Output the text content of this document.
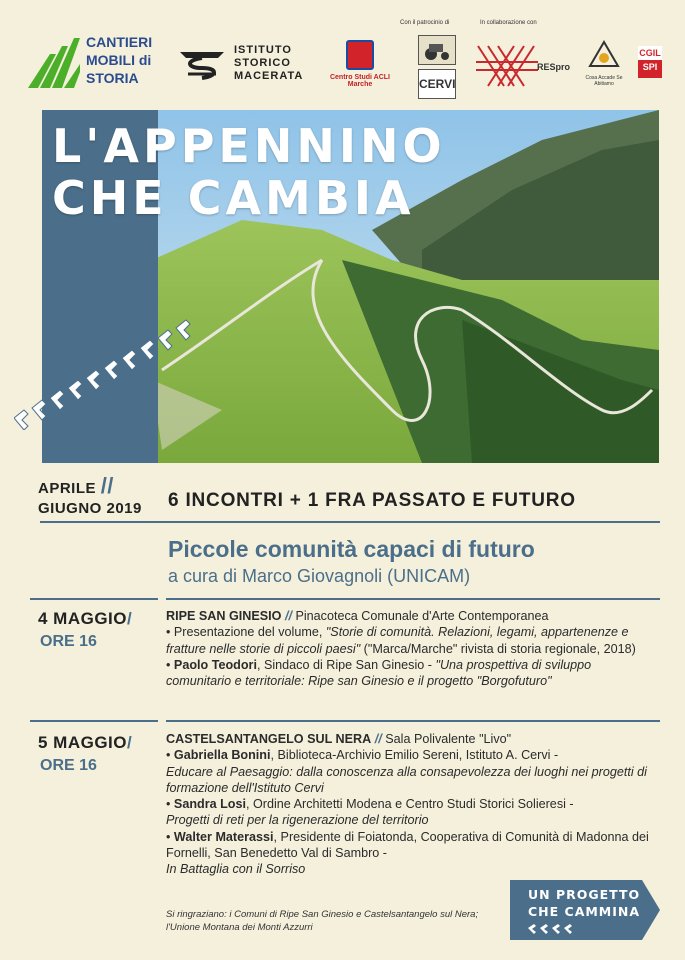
CANTIERI
MOBILI di
STORIA
ISTITUTO
STORICO
MACERATA	Centro Studi ACLI Marche
Con il patrocinio di	In collaborazione con
CERVI
RESpro
Cosa Accade Se Abitiamo
CGIL
SPI
L'APPENNINO
CHE CAMBIA
APRILE //
GIUGNO 2019 6 INCONTRI + 1 FRA PASSATO E FUTURO
Piccole comunità capaci di futuro
a cura di Marco Giovagnoli (UNICAM)
4 MAGGIO/
ORE 16
RIPE SAN GINESIO // Pinacoteca Comunale d'Arte Contemporanea
• Presentazione del volume, "Storie di comunità. Relazioni, legami, appartenenze e fratture nelle storie di piccoli paesi" ("Marca/Marche" rivista di storia regionale, 2018)
• Paolo Teodori, Sindaco di Ripe San Ginesio - "Una prospettiva di sviluppo comunitario e territoriale: Ripe san Ginesio e il progetto "Borgofuturo"
5 MAGGIO/
ORE 16
CASTELSANTANGELO SUL NERA // Sala Polivalente "Livo"
• Gabriella Bonini, Biblioteca-Archivio Emilio Sereni, Istituto A. Cervi -
Educare al Paesaggio: dalla conoscenza alla consapevolezza dei luoghi nei progetti di formazione dell'Istituto Cervi
• Sandra Losi, Ordine Architetti Modena e Centro Studi Storici Solieresi -
Progetti di reti per la rigenerazione del territorio
• Walter Materassi, Presidente di Foiatonda, Cooperativa di Comunità di Madonna dei Fornelli, San Benedetto Val di Sambro -
In Battaglia con il Sorriso
Si ringraziano: i Comuni di Ripe San Ginesio e Castelsantangelo sul Nera; l'Unione Montana dei Monti Azzurri
UN PROGETTO
CHE CAMMINA
